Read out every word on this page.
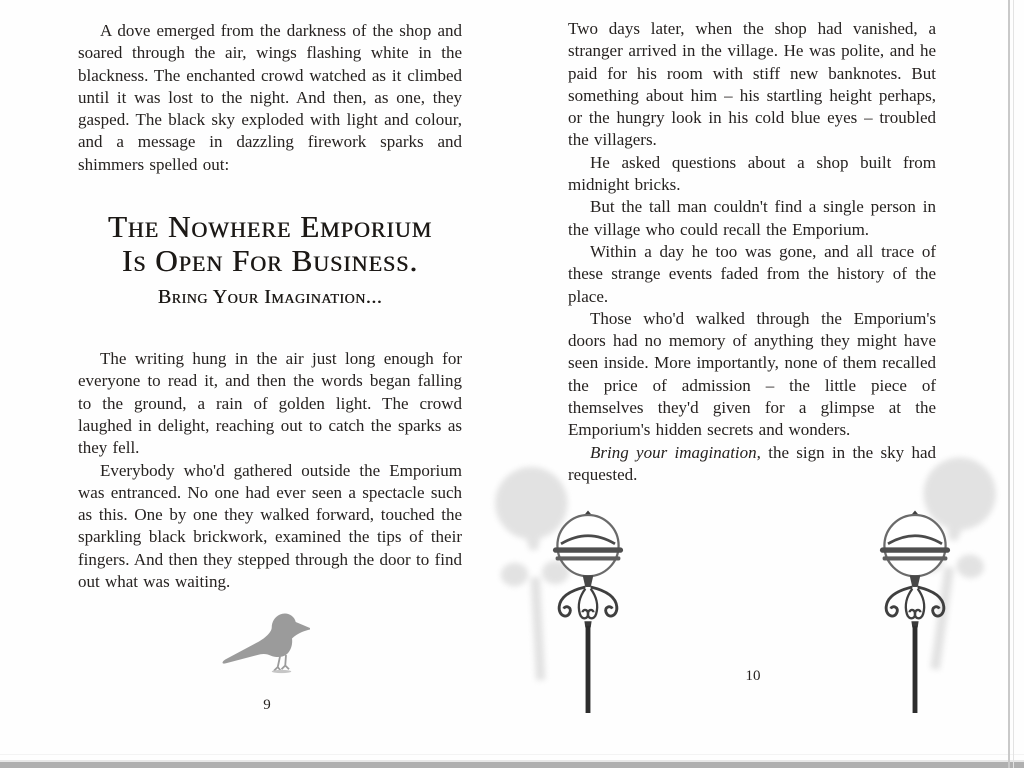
A dove emerged from the darkness of the shop and soared through the air, wings flashing white in the blackness. The enchanted crowd watched as it climbed until it was lost to the night. And then, as one, they gasped. The black sky exploded with light and colour, and a message in dazzling firework sparks and shimmers spelled out:

The Nowhere Emporium
Is Open For Business.
Bring Your Imagination...

The writing hung in the air just long enough for everyone to read it, and then the words began falling to the ground, a rain of golden light. The crowd laughed in delight, reaching out to catch the sparks as they fell.

Everybody who'd gathered outside the Emporium was entranced. No one had ever seen a spectacle such as this. One by one they walked forward, touched the sparkling black brickwork, examined the tips of their fingers. And then they stepped through the door to find out what was waiting.

9

Two days later, when the shop had vanished, a stranger arrived in the village. He was polite, and he paid for his room with stiff new banknotes. But something about him – his startling height perhaps, or the hungry look in his cold blue eyes – troubled the villagers.

He asked questions about a shop built from midnight bricks.

But the tall man couldn't find a single person in the village who could recall the Emporium.

Within a day he too was gone, and all trace of these strange events faded from the history of the place.

Those who'd walked through the Emporium's doors had no memory of anything they might have seen inside. More importantly, none of them recalled the price of admission – the little piece of themselves they'd given for a glimpse at the Emporium's hidden secrets and wonders.

Bring your imagination, the sign in the sky had requested.

10
